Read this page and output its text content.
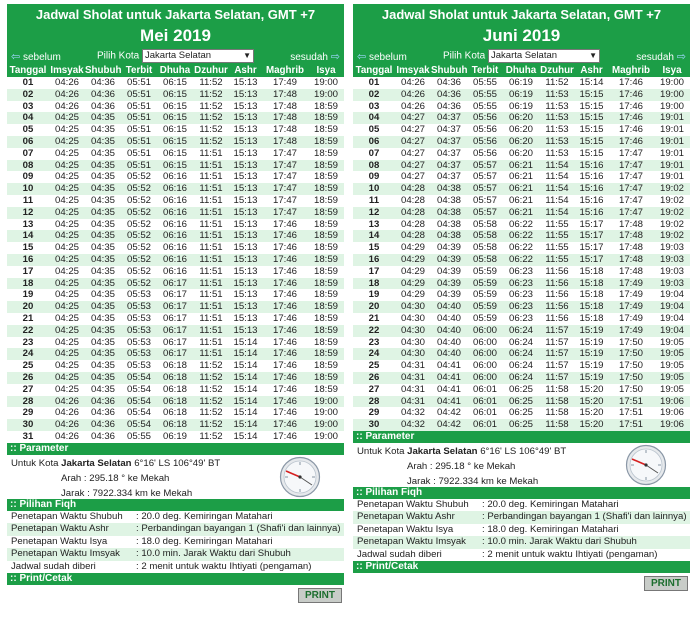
Jadwal Sholat untuk Jakarta Selatan, GMT +7
Mei 2019
⇦ sebelum	Pilih Kota Jakarta Selatan	▼	sesudah ⇨
Tanggal	Imsyak	Shubuh	Terbit	Dhuha	Dzuhur	Ashr	Maghrib	Isya
01	04:26	04:36	05:51	06:15	11:52	15:13	17:49	19:00
02	04:26	04:36	05:51	06:15	11:52	15:13	17:48	19:00
03	04:26	04:36	05:51	06:15	11:52	15:13	17:48	18:59
04	04:25	04:35	05:51	06:15	11:52	15:13	17:48	18:59
05	04:25	04:35	05:51	06:15	11:52	15:13	17:48	18:59
06	04:25	04:35	05:51	06:15	11:52	15:13	17:48	18:59
07	04:25	04:35	05:51	06:15	11:51	15:13	17:47	18:59
08	04:25	04:35	05:51	06:15	11:51	15:13	17:47	18:59
09	04:25	04:35	05:52	06:16	11:51	15:13	17:47	18:59
10	04:25	04:35	05:52	06:16	11:51	15:13	17:47	18:59
11	04:25	04:35	05:52	06:16	11:51	15:13	17:47	18:59
12	04:25	04:35	05:52	06:16	11:51	15:13	17:47	18:59
13	04:25	04:35	05:52	06:16	11:51	15:13	17:46	18:59
14	04:25	04:35	05:52	06:16	11:51	15:13	17:46	18:59
15	04:25	04:35	05:52	06:16	11:51	15:13	17:46	18:59
16	04:25	04:35	05:52	06:16	11:51	15:13	17:46	18:59
17	04:25	04:35	05:52	06:16	11:51	15:13	17:46	18:59
18	04:25	04:35	05:52	06:17	11:51	15:13	17:46	18:59
19	04:25	04:35	05:53	06:17	11:51	15:13	17:46	18:59
20	04:25	04:35	05:53	06:17	11:51	15:13	17:46	18:59
21	04:25	04:35	05:53	06:17	11:51	15:13	17:46	18:59
22	04:25	04:35	05:53	06:17	11:51	15:13	17:46	18:59
23	04:25	04:35	05:53	06:17	11:51	15:14	17:46	18:59
24	04:25	04:35	05:53	06:17	11:51	15:14	17:46	18:59
25	04:25	04:35	05:53	06:18	11:52	15:14	17:46	18:59
26	04:25	04:35	05:54	06:18	11:52	15:14	17:46	18:59
27	04:25	04:35	05:54	06:18	11:52	15:14	17:46	18:59
28	04:26	04:36	05:54	06:18	11:52	15:14	17:46	19:00
29	04:26	04:36	05:54	06:18	11:52	15:14	17:46	19:00
30	04:26	04:36	05:54	06:18	11:52	15:14	17:46	19:00
31	04:26	04:36	05:55	06:19	11:52	15:14	17:46	19:00
:: Parameter
Untuk Kota Jakarta Selatan 6°16' LS 106°49' BT
Arah : 295.18 ° ke Mekah
Jarak : 7922.334 km ke Mekah
:: Pilihan Fiqh
Penetapan Waktu Shubuh	: 20.0 deg. Kemiringan Matahari
Penetapan Waktu Ashr	: Perbandingan bayangan 1 (Shafi'i dan lainnya)
Penetapan Waktu Isya	: 18.0 deg. Kemiringan Matahari
Penetapan Waktu Imsyak	: 10.0 min. Jarak Waktu dari Shubuh
Jadwal sudah diberi	: 2 menit untuk waktu Ihtiyati (pengaman)
:: Print/Cetak
PRINT
Jadwal Sholat untuk Jakarta Selatan, GMT +7
Juni 2019
⇦ sebelum	Pilih Kota Jakarta Selatan	▼	sesudah ⇨
Tanggal	Imsyak	Shubuh	Terbit	Dhuha	Dzuhur	Ashr	Maghrib	Isya
01	04:26	04:36	05:55	06:19	11:52	15:14	17:46	19:00
02	04:26	04:36	05:55	06:19	11:53	15:15	17:46	19:00
03	04:26	04:36	05:55	06:19	11:53	15:15	17:46	19:00
04	04:27	04:37	05:56	06:20	11:53	15:15	17:46	19:01
05	04:27	04:37	05:56	06:20	11:53	15:15	17:46	19:01
06	04:27	04:37	05:56	06:20	11:53	15:15	17:46	19:01
07	04:27	04:37	05:56	06:20	11:53	15:15	17:47	19:01
08	04:27	04:37	05:57	06:21	11:54	15:16	17:47	19:01
09	04:27	04:37	05:57	06:21	11:54	15:16	17:47	19:01
10	04:28	04:38	05:57	06:21	11:54	15:16	17:47	19:02
11	04:28	04:38	05:57	06:21	11:54	15:16	17:47	19:02
12	04:28	04:38	05:57	06:21	11:54	15:16	17:47	19:02
13	04:28	04:38	05:58	06:22	11:55	15:17	17:48	19:02
14	04:28	04:38	05:58	06:22	11:55	15:17	17:48	19:02
15	04:29	04:39	05:58	06:22	11:55	15:17	17:48	19:03
16	04:29	04:39	05:58	06:22	11:55	15:17	17:48	19:03
17	04:29	04:39	05:59	06:23	11:56	15:18	17:48	19:03
18	04:29	04:39	05:59	06:23	11:56	15:18	17:49	19:03
19	04:29	04:39	05:59	06:23	11:56	15:18	17:49	19:04
20	04:30	04:40	05:59	06:23	11:56	15:18	17:49	19:04
21	04:30	04:40	05:59	06:23	11:56	15:18	17:49	19:04
22	04:30	04:40	06:00	06:24	11:57	15:19	17:49	19:04
23	04:30	04:40	06:00	06:24	11:57	15:19	17:50	19:05
24	04:30	04:40	06:00	06:24	11:57	15:19	17:50	19:05
25	04:31	04:41	06:00	06:24	11:57	15:19	17:50	19:05
26	04:31	04:41	06:00	06:24	11:57	15:19	17:50	19:05
27	04:31	04:41	06:01	06:25	11:58	15:20	17:50	19:05
28	04:31	04:41	06:01	06:25	11:58	15:20	17:51	19:06
29	04:32	04:42	06:01	06:25	11:58	15:20	17:51	19:06
30	04:32	04:42	06:01	06:25	11:58	15:20	17:51	19:06
:: Parameter
Untuk Kota Jakarta Selatan 6°16' LS 106°49' BT
Arah : 295.18 ° ke Mekah
Jarak : 7922.334 km ke Mekah
:: Pilihan Fiqh
Penetapan Waktu Shubuh	: 20.0 deg. Kemiringan Matahari
Penetapan Waktu Ashr	: Perbandingan bayangan 1 (Shafi'i dan lainnya)
Penetapan Waktu Isya	: 18.0 deg. Kemiringan Matahari
Penetapan Waktu Imsyak	: 10.0 min. Jarak Waktu dari Shubuh
Jadwal sudah diberi	: 2 menit untuk waktu Ihtiyati (pengaman)
:: Print/Cetak
PRINT
